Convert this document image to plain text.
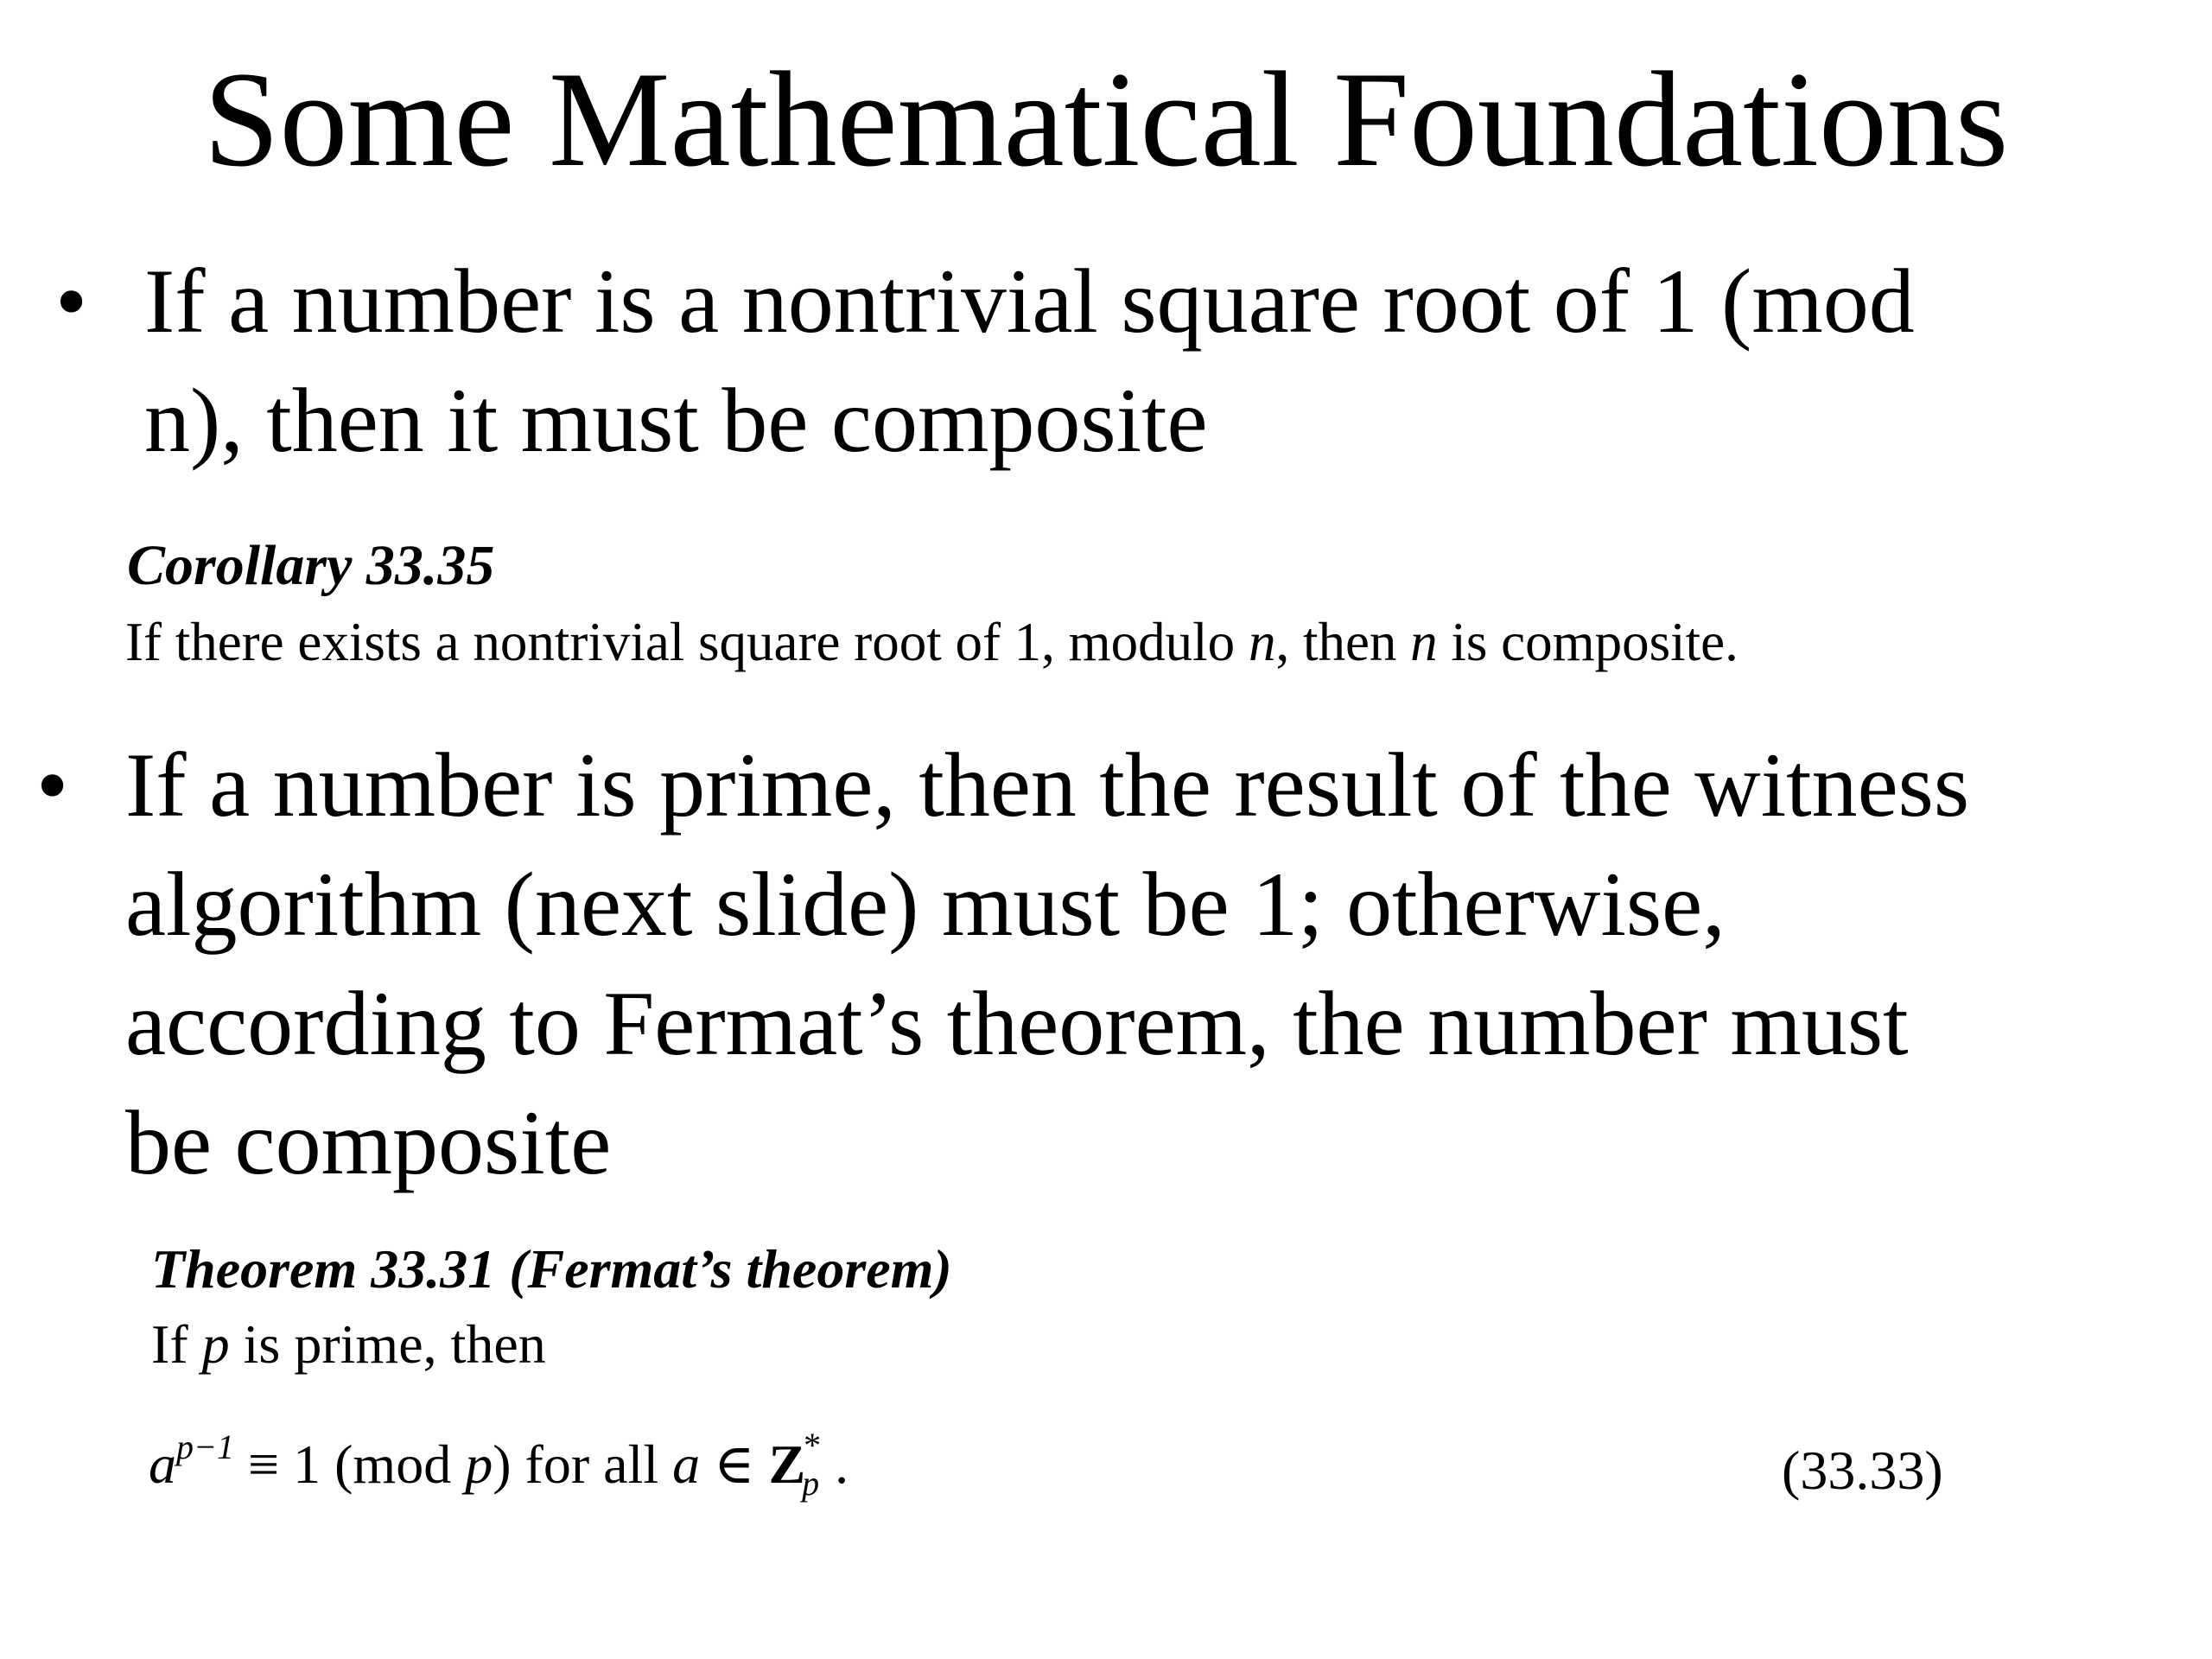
Some Mathematical Foundations
• If a number is a nontrivial square root of 1 (mod
n), then it must be composite
Corollary 33.35
If there exists a nontrivial square root of 1, modulo n, then n is composite.
• If a number is prime, then the result of the witness
algorithm (next slide) must be 1; otherwise,
according to Fermat’s theorem, the number must
be composite
Theorem 33.31 (Fermat’s theorem)
If p is prime, then
$a^{p-1} \equiv 1$ (mod p) for all a ∈ $Z_p^*$ .	(33.33)
